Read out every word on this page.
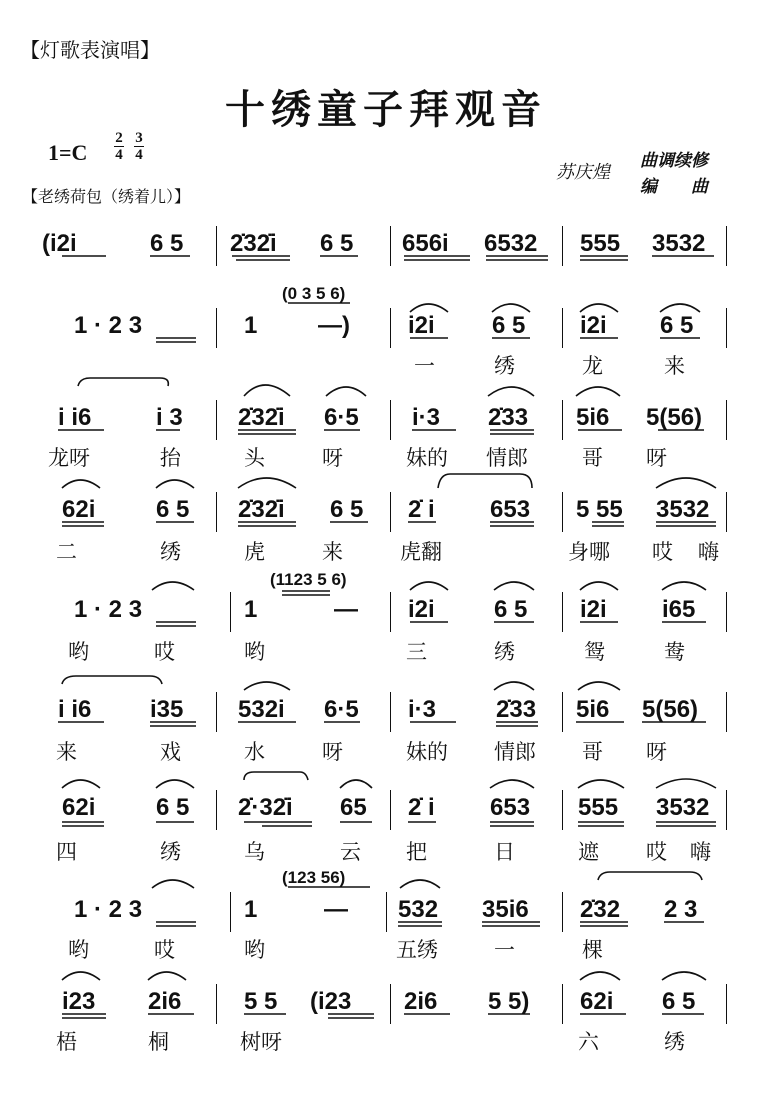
【灯歌表演唱】
十绣童子拜观音
1=C
2
4
3
4
苏庆煌
曲调续修
编　　曲
【老绣荷包（绣着儿）】
(i2i	6 5 2̇32̇i 6 5 656i 6532 555 3532
(0 3 5 6)
1 · 2 3	1	—) i2i 6 5 i2i 6 5
一	绣	龙	来
i i6	i 3 2̇32̇i 6·5 i·3 2̇33 5i6 5(56)
龙呀	抬	头	呀	妹的 情郎	哥 呀
62i	6 5 2̇32̇i 6 5 2̇ i 653 5 55 3532
二	绣	虎	来	虎翻	身哪 哎 嗨
(1123 5 6)
1 · 2 3	1	— i2i 6 5 i2i i65
哟	哎	哟	三	绣	鸳	鸯
i i6 i35 532i 6·5 i·3 2̇33 5i6 5(56)
来	戏	水	呀	妹的 情郎 哥 呀
62i	6 5 2̇·32̇i 65 2̇ i 653 555 3532
四	绣	乌	云 把	日	遮 哎 嗨
(123 56)
1 · 2 3	1	— 532 35i6 2̇32 2 3
哟	哎	哟	五绣	一	棵
i23 2i6	5 5 (i23 2i6 5 5) 62i 6 5
梧	桐	树呀	六	绣
